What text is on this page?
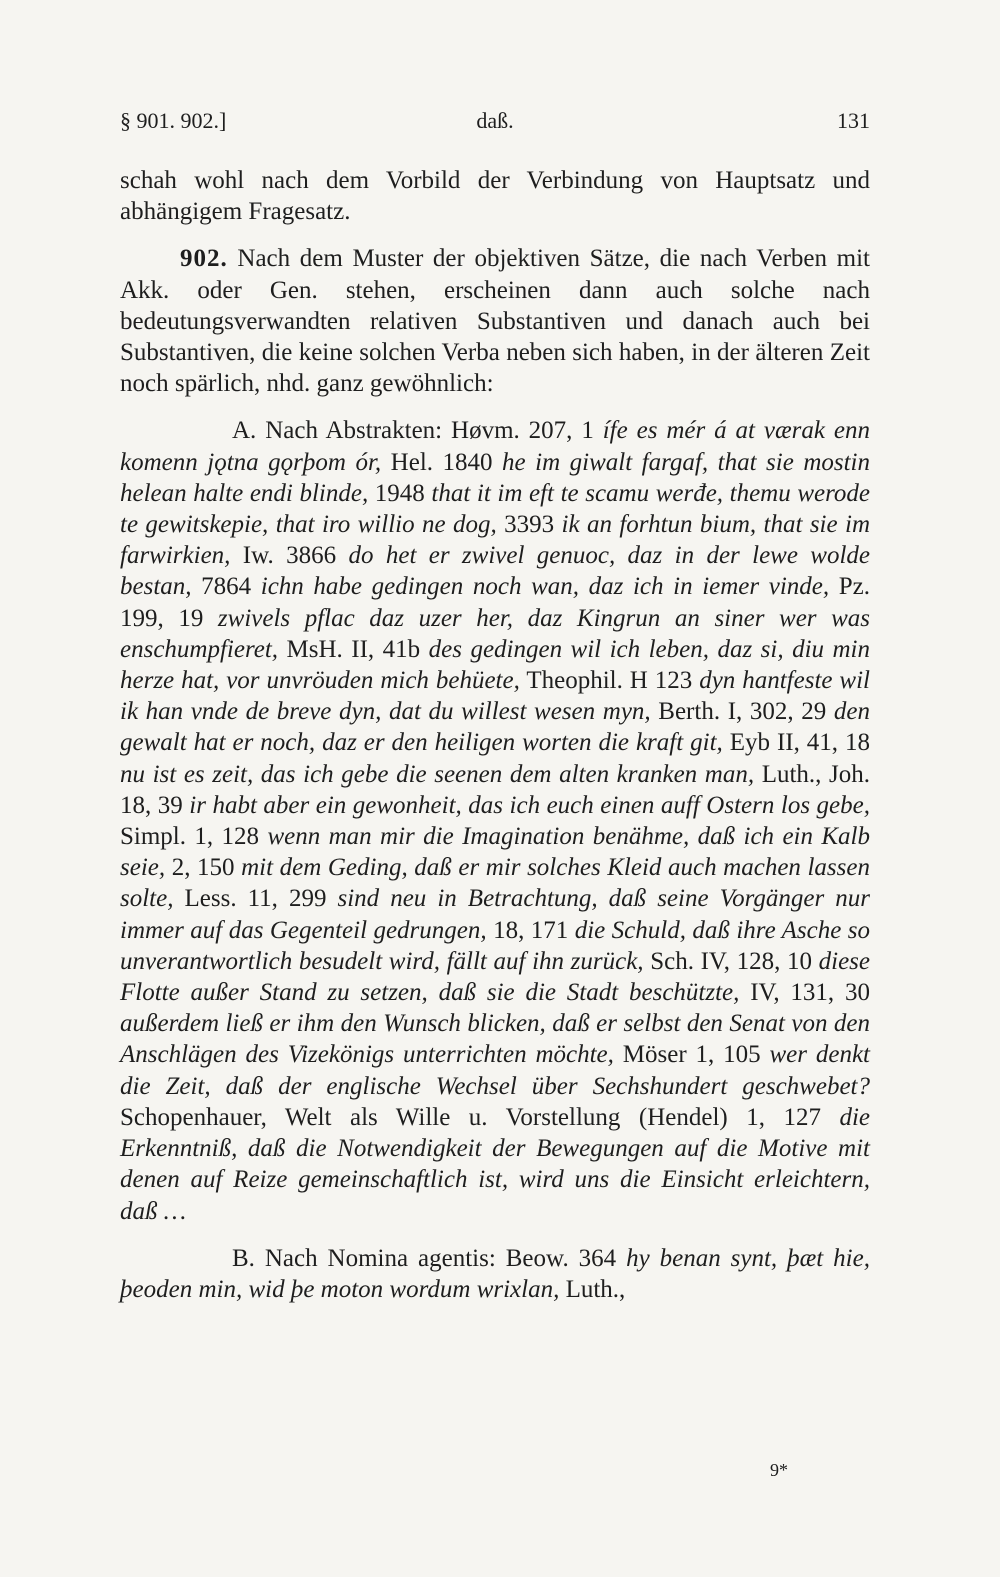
§ 901. 902.]	daß.	131

schah wohl nach dem Vorbild der Verbindung von Hauptsatz und abhängigem Fragesatz.

902. Nach dem Muster der objektiven Sätze, die nach Verben mit Akk. oder Gen. stehen, erscheinen dann auch solche nach bedeutungsverwandten relativen Substantiven und danach auch bei Substantiven, die keine solchen Verba neben sich haben, in der älteren Zeit noch spärlich, nhd. ganz gewöhnlich:

A. Nach Abstrakten: Høvm. 207, 1 ífe es mér á at værak enn komenn jǫtna gǫrþom ór, Hel. 1840 he im giwalt fargaf, that sie mostin helean halte endi blinde, 1948 that it im eft te scamu werđe, themu werode te gewitskepie, that iro willio ne dog, 3393 ik an forhtun bium, that sie im farwirkien, Iw. 3866 do het er zwivel genuoc, daz in der lewe wolde bestan, 7864 ichn habe gedingen noch wan, daz ich in iemer vinde, Pz. 199, 19 zwivels pflac daz uzer her, daz Kingrun an siner wer was enschumpfieret, MsH. II, 41b des gedingen wil ich leben, daz si, diu min herze hat, vor unvröuden mich behüete, Theophil. H 123 dyn hantfeste wil ik han vnde de breve dyn, dat du willest wesen myn, Berth. I, 302, 29 den gewalt hat er noch, daz er den heiligen worten die kraft git, Eyb II, 41, 18 nu ist es zeit, das ich gebe die seenen dem alten kranken man, Luth., Joh. 18, 39 ir habt aber ein gewonheit, das ich euch einen auff Ostern los gebe, Simpl. 1, 128 wenn man mir die Imagination benähme, daß ich ein Kalb seie, 2, 150 mit dem Geding, daß er mir solches Kleid auch machen lassen solte, Less. 11, 299 sind neu in Betrachtung, daß seine Vorgänger nur immer auf das Gegenteil gedrungen, 18, 171 die Schuld, daß ihre Asche so unverantwortlich besudelt wird, fällt auf ihn zurück, Sch. IV, 128, 10 diese Flotte außer Stand zu setzen, daß sie die Stadt beschützte, IV, 131, 30 außerdem ließ er ihm den Wunsch blicken, daß er selbst den Senat von den Anschlägen des Vizekönigs unterrichten möchte, Möser 1, 105 wer denkt die Zeit, daß der englische Wechsel über Sechshundert geschwebet? Schopenhauer, Welt als Wille u. Vorstellung (Hendel) 1, 127 die Erkenntniß, daß die Notwendigkeit der Bewegungen auf die Motive mit denen auf Reize gemeinschaftlich ist, wird uns die Einsicht erleichtern, daß …

B. Nach Nomina agentis: Beow. 364 hy benan synt, þæt hie, þeoden min, wid þe moton wordum wrixlan, Luth.,

9*
